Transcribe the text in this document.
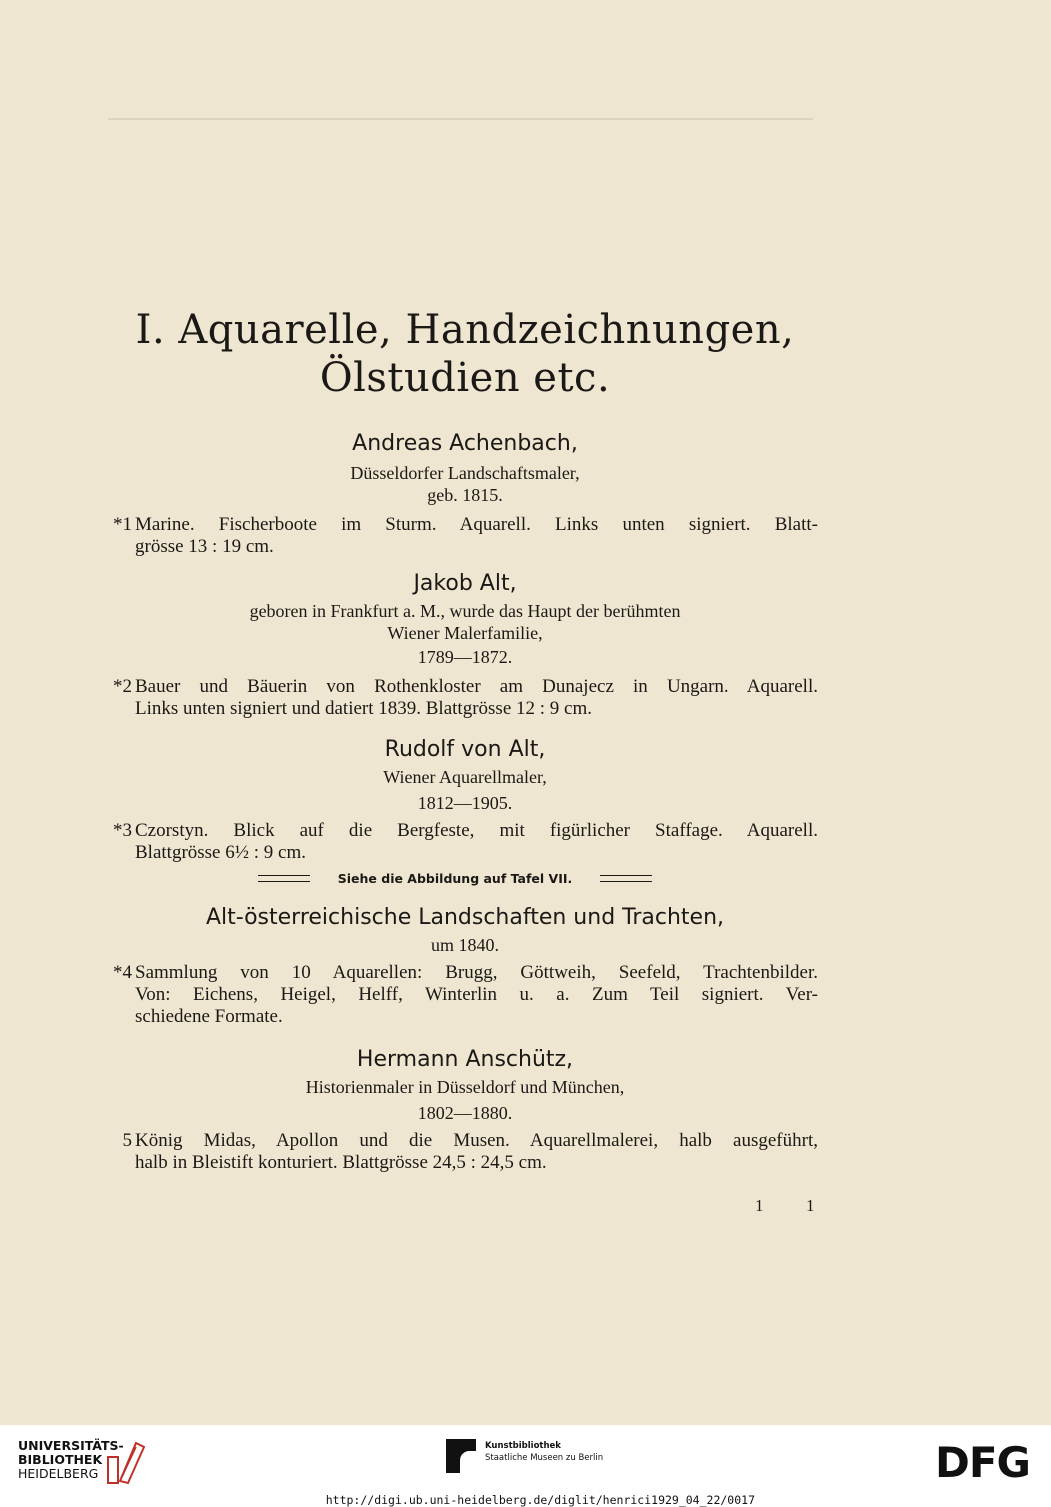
I. Aquarelle, Handzeichnungen,
Ölstudien etc.
Andreas Achenbach,
Düsseldorfer Landschaftsmaler,
geb. 1815.
*1 Marine. Fischerboote im Sturm. Aquarell. Links unten signiert. Blatt-
grösse 13 : 19 cm.
Jakob Alt,
geboren in Frankfurt a. M., wurde das Haupt der berühmten
Wiener Malerfamilie,
1789—1872.
*2 Bauer und Bäuerin von Rothenkloster am Dunajecz in Ungarn. Aquarell.
Links unten signiert und datiert 1839. Blattgrösse 12 : 9 cm.
Rudolf von Alt,
Wiener Aquarellmaler,
1812—1905.
*3 Czorstyn. Blick auf die Bergfeste, mit figürlicher Staffage. Aquarell.
Blattgrösse 6½ : 9 cm.
Siehe die Abbildung auf Tafel VII.
Alt-österreichische Landschaften und Trachten,
um 1840.
*4 Sammlung von 10 Aquarellen: Brugg, Göttweih, Seefeld, Trachtenbilder.
Von: Eichens, Heigel, Helff, Winterlin u. a. Zum Teil signiert. Ver-
schiedene Formate.
Hermann Anschütz,
Historienmaler in Düsseldorf und München,
1802—1880.
5 König Midas, Apollon und die Musen. Aquarellmalerei, halb ausgeführt,
halb in Bleistift konturiert. Blattgrösse 24,5 : 24,5 cm.
1	1
UNIVERSITÄTS-
BIBLIOTHEK
HEIDELBERG
Kunstbibliothek
Staatliche Museen zu Berlin	DFG
http://digi.ub.uni-heidelberg.de/diglit/henrici1929_04_22/0017
